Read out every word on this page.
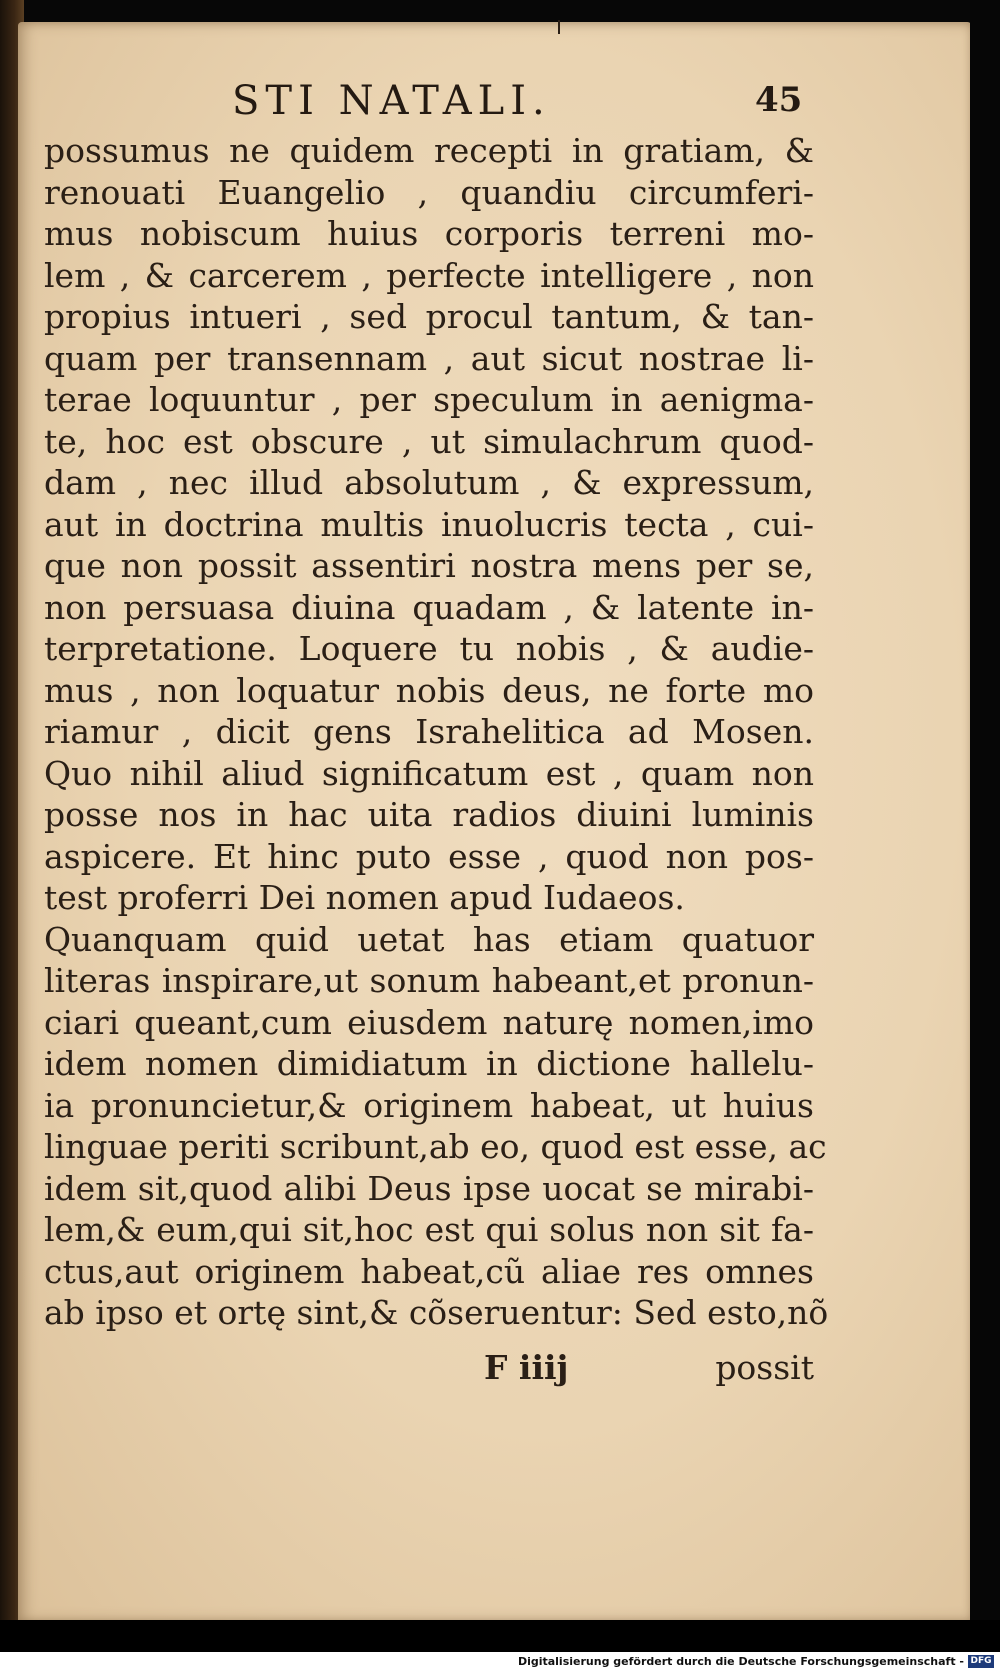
STI NATALI.	45
possumus ne quidem recepti in gratiam, &
renouati Euangelio , quandiu circumferi-
mus nobiscum huius corporis terreni mo-
lem , & carcerem , perfecte intelligere , non
propius intueri , sed procul tantum, & tan-
quam per transennam , aut sicut nostrae li-
terae loquuntur , per speculum in aenigma-
te, hoc est obscure , ut simulachrum quod-
dam , nec illud absolutum , & expressum,
aut in doctrina multis inuolucris tecta , cui-
que non possit assentiri nostra mens per se,
non persuasa diuina quadam , & latente in-
terpretatione. Loquere tu nobis , & audie-
mus , non loquatur nobis deus, ne forte mo
riamur , dicit gens Israhelitica ad Mosen.
Quo nihil aliud significatum est , quam non
posse nos in hac uita radios diuini luminis
aspicere. Et hinc puto esse , quod non pos-
test proferri Dei nomen apud Iudaeos.
Quanquam quid uetat has etiam quatuor
literas inspirare,ut sonum habeant,et pronun-
ciari queant,cum eiusdem naturę nomen,imo
idem nomen dimidiatum in dictione hallelu-
ia pronuncietur,& originem habeat, ut huius
linguae periti scribunt,ab eo, quod est esse, ac
idem sit,quod alibi Deus ipse uocat se mirabi-
lem,& eum,qui sit,hoc est qui solus non sit fa-
ctus,aut originem habeat,cũ aliae res omnes
ab ipso et ortę sint,& cõseruentur: Sed esto,nõ
F iiij	possit
Digitalisierung gefördert durch die Deutsche Forschungsgemeinschaft - DFG
